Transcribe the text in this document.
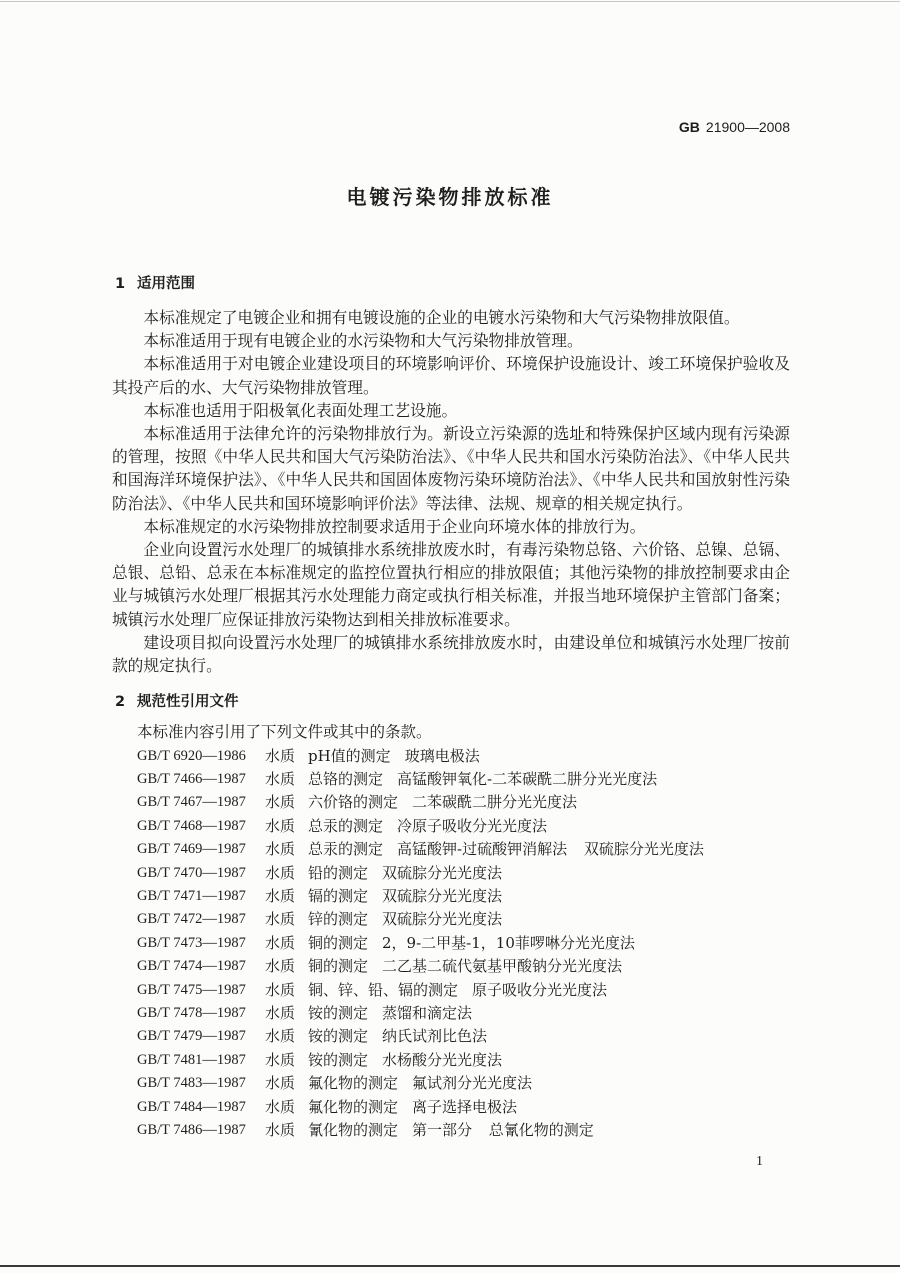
GB 21900—2008
电镀污染物排放标准
1 适用范围

本标准规定了电镀企业和拥有电镀设施的企业的电镀水污染物和大气污染物排放限值。

本标准适用于现有电镀企业的水污染物和大气污染物排放管理。

本标准适用于对电镀企业建设项目的环境影响评价、环境保护设施设计、竣工环境保护验收及其投产后的水、大气污染物排放管理。

本标准也适用于阳极氧化表面处理工艺设施。

本标准适用于法律允许的污染物排放行为。新设立污染源的选址和特殊保护区域内现有污染源的管理，按照《中华人民共和国大气污染防治法》、《中华人民共和国水污染防治法》、《中华人民共和国海洋环境保护法》、《中华人民共和国固体废物污染环境防治法》、《中华人民共和国放射性污染防治法》、《中华人民共和国环境影响评价法》等法律、法规、规章的相关规定执行。

本标准规定的水污染物排放控制要求适用于企业向环境水体的排放行为。

企业向设置污水处理厂的城镇排水系统排放废水时，有毒污染物总铬、六价铬、总镍、总镉、总银、总铅、总汞在本标准规定的监控位置执行相应的排放限值；其他污染物的排放控制要求由企业与城镇污水处理厂根据其污水处理能力商定或执行相关标准，并报当地环境保护主管部门备案；城镇污水处理厂应保证排放污染物达到相关排放标准要求。

建设项目拟向设置污水处理厂的城镇排水系统排放废水时，由建设单位和城镇污水处理厂按前款的规定执行。

2 规范性引用文件
本标准内容引用了下列文件或其中的条款。
GB/T 6920—1986	水质 pH值的测定 玻璃电极法
GB/T 7466—1987	水质 总铬的测定 高锰酸钾氧化-二苯碳酰二肼分光光度法
GB/T 7467—1987	水质 六价铬的测定 二苯碳酰二肼分光光度法
GB/T 7468—1987	水质 总汞的测定 冷原子吸收分光光度法
GB/T 7469—1987	水质 总汞的测定 高锰酸钾-过硫酸钾消解法 双硫腙分光光度法
GB/T 7470—1987	水质 铅的测定 双硫腙分光光度法
GB/T 7471—1987	水质 镉的测定 双硫腙分光光度法
GB/T 7472—1987	水质 锌的测定 双硫腙分光光度法
GB/T 7473—1987	水质 铜的测定 2，9-二甲基-1，10菲啰啉分光光度法
GB/T 7474—1987	水质 铜的测定 二乙基二硫代氨基甲酸钠分光光度法
GB/T 7475—1987	水质 铜、锌、铅、镉的测定 原子吸收分光光度法
GB/T 7478—1987	水质 铵的测定 蒸馏和滴定法
GB/T 7479—1987	水质 铵的测定 纳氏试剂比色法
GB/T 7481—1987	水质 铵的测定 水杨酸分光光度法
GB/T 7483—1987	水质 氟化物的测定 氟试剂分光光度法
GB/T 7484—1987	水质 氟化物的测定 离子选择电极法
GB/T 7486—1987	水质 氰化物的测定 第一部分 总氰化物的测定
1
